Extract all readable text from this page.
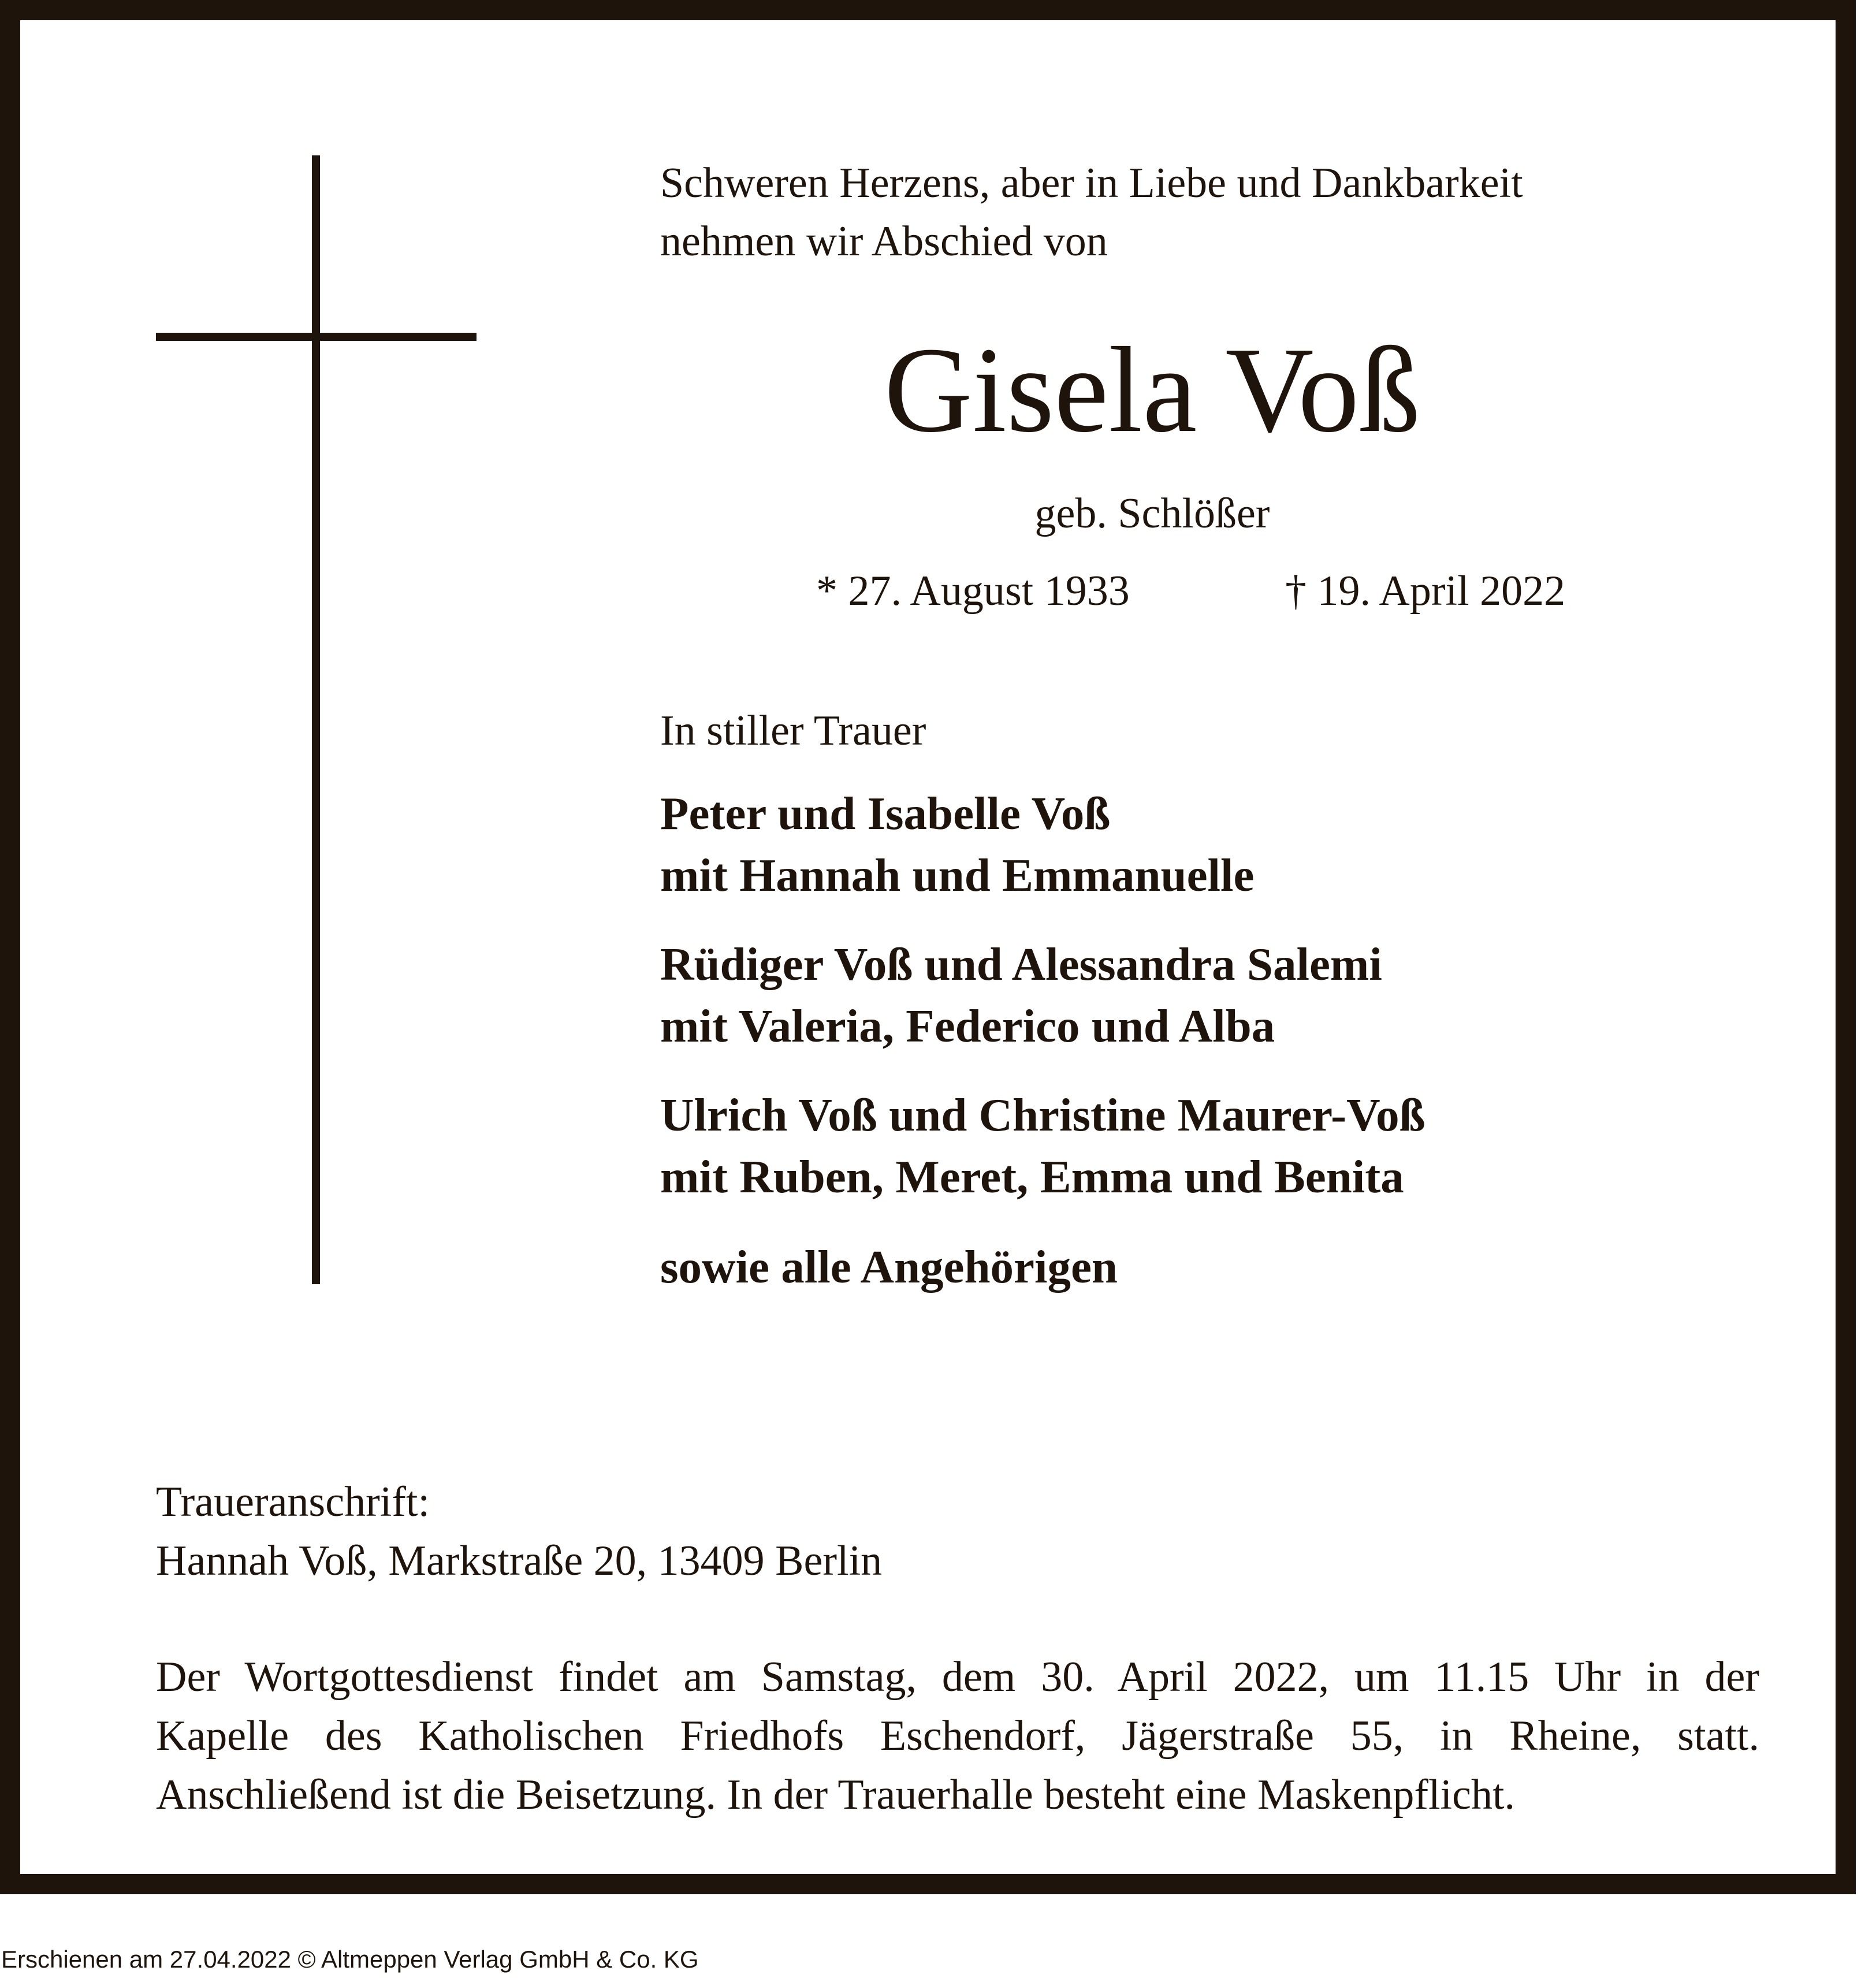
Schweren Herzens, aber in Liebe und Dankbarkeit
nehmen wir Abschied von
Gisela Voß
geb. Schlößer
* 27. August 1933	† 19. April 2022
In stiller Trauer
Peter und Isabelle Voß
mit Hannah und Emmanuelle
Rüdiger Voß und Alessandra Salemi
mit Valeria, Federico und Alba
Ulrich Voß und Christine Maurer-Voß
mit Ruben, Meret, Emma und Benita
sowie alle Angehörigen
Traueranschrift:
Hannah Voß, Markstraße 20, 13409 Berlin
Der Wortgottesdienst findet am Samstag, dem 30. April 2022, um 11.15 Uhr in der
Kapelle des Katholischen Friedhofs Eschendorf, Jägerstraße 55, in Rheine, statt.
Anschließend ist die Beisetzung. In der Trauerhalle besteht eine Maskenpflicht.
Erschienen am 27.04.2022 © Altmeppen Verlag GmbH & Co. KG
